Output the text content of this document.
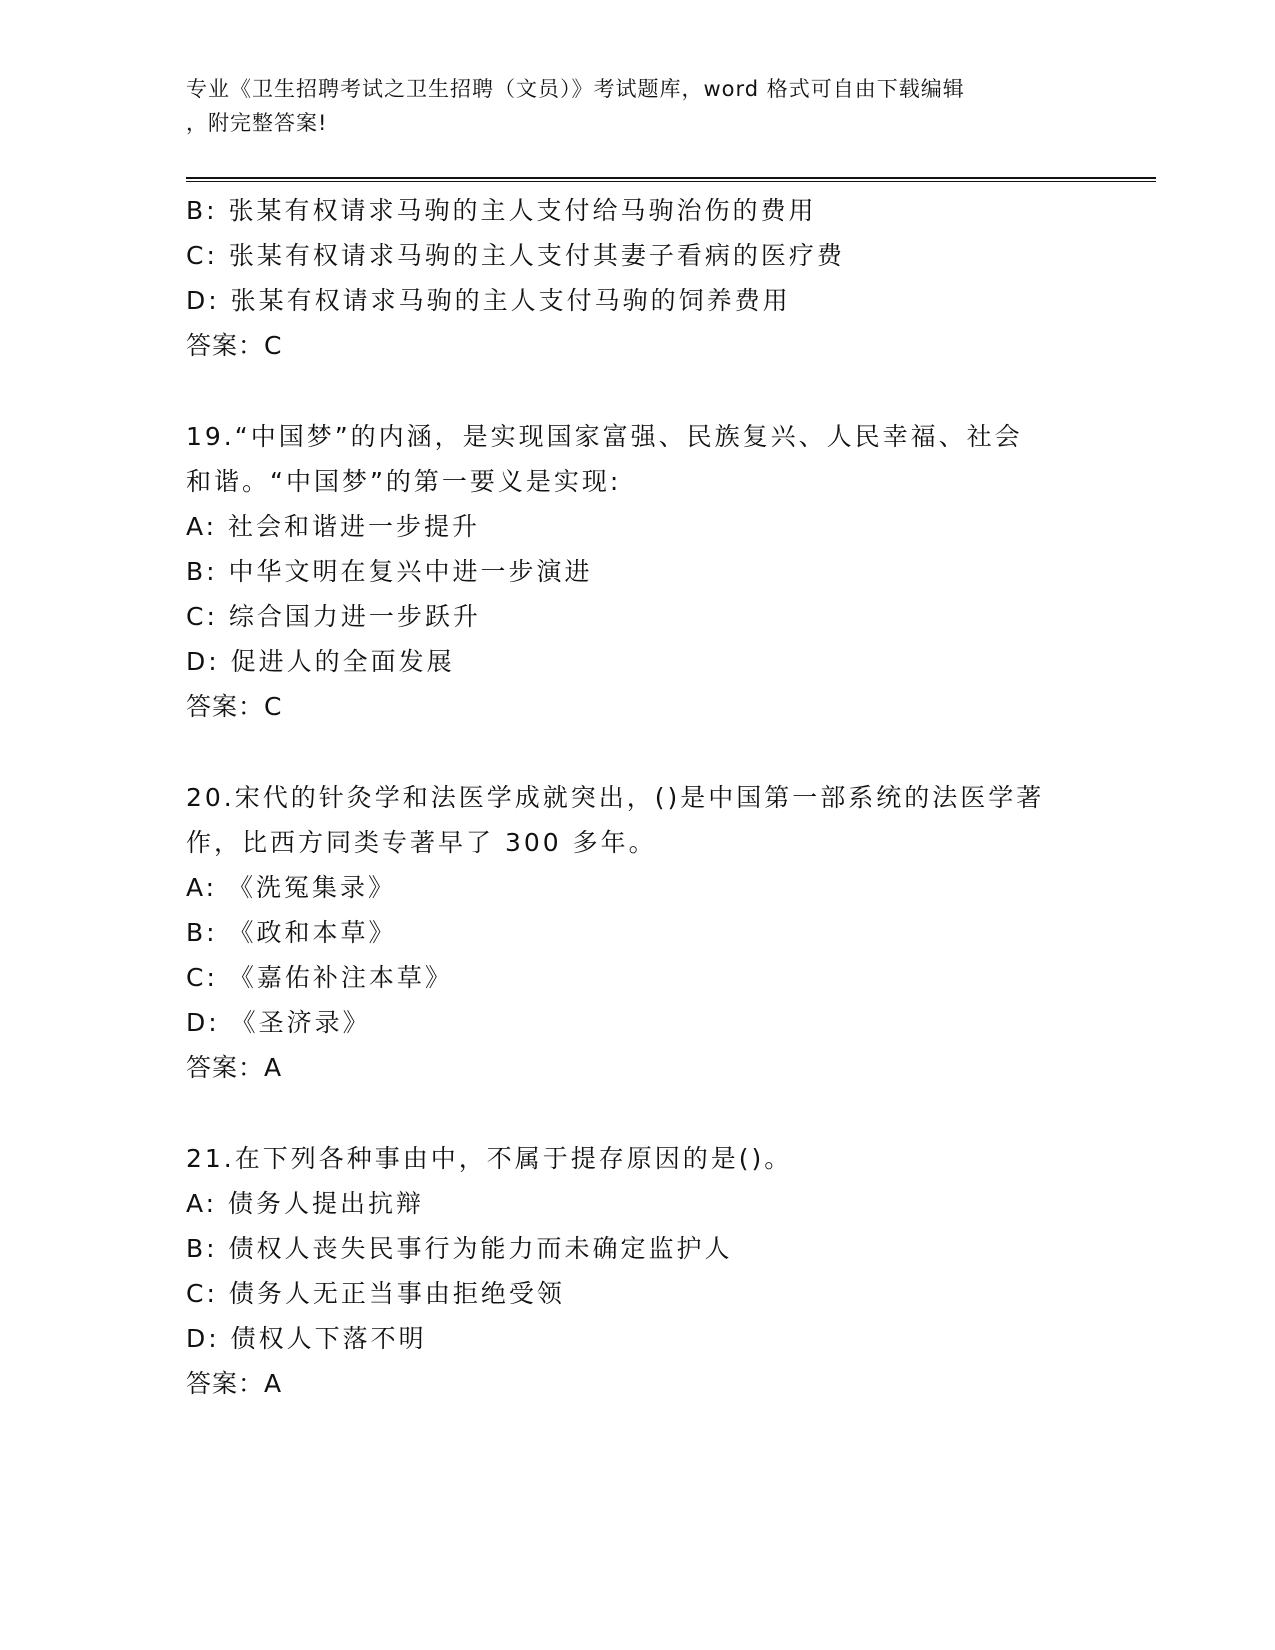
专业《卫生招聘考试之卫生招聘（文员）》考试题库，word 格式可自由下载编辑
，附完整答案!
B: 张某有权请求马驹的主人支付给马驹治伤的费用
C: 张某有权请求马驹的主人支付其妻子看病的医疗费
D: 张某有权请求马驹的主人支付马驹的饲养费用
答案：C
19.“中国梦”的内涵，是实现国家富强、民族复兴、人民幸福、社会
和谐。“中国梦”的第一要义是实现:
A: 社会和谐进一步提升
B: 中华文明在复兴中进一步演进
C: 综合国力进一步跃升
D: 促进人的全面发展
答案：C
20.宋代的针灸学和法医学成就突出，()是中国第一部系统的法医学著
作，比西方同类专著早了 300 多年。
A: 《洗冤集录》
B: 《政和本草》
C: 《嘉佑补注本草》
D: 《圣济录》
答案：A
21.在下列各种事由中，不属于提存原因的是()。
A: 债务人提出抗辩
B: 债权人丧失民事行为能力而未确定监护人
C: 债务人无正当事由拒绝受领
D: 债权人下落不明
答案：A
